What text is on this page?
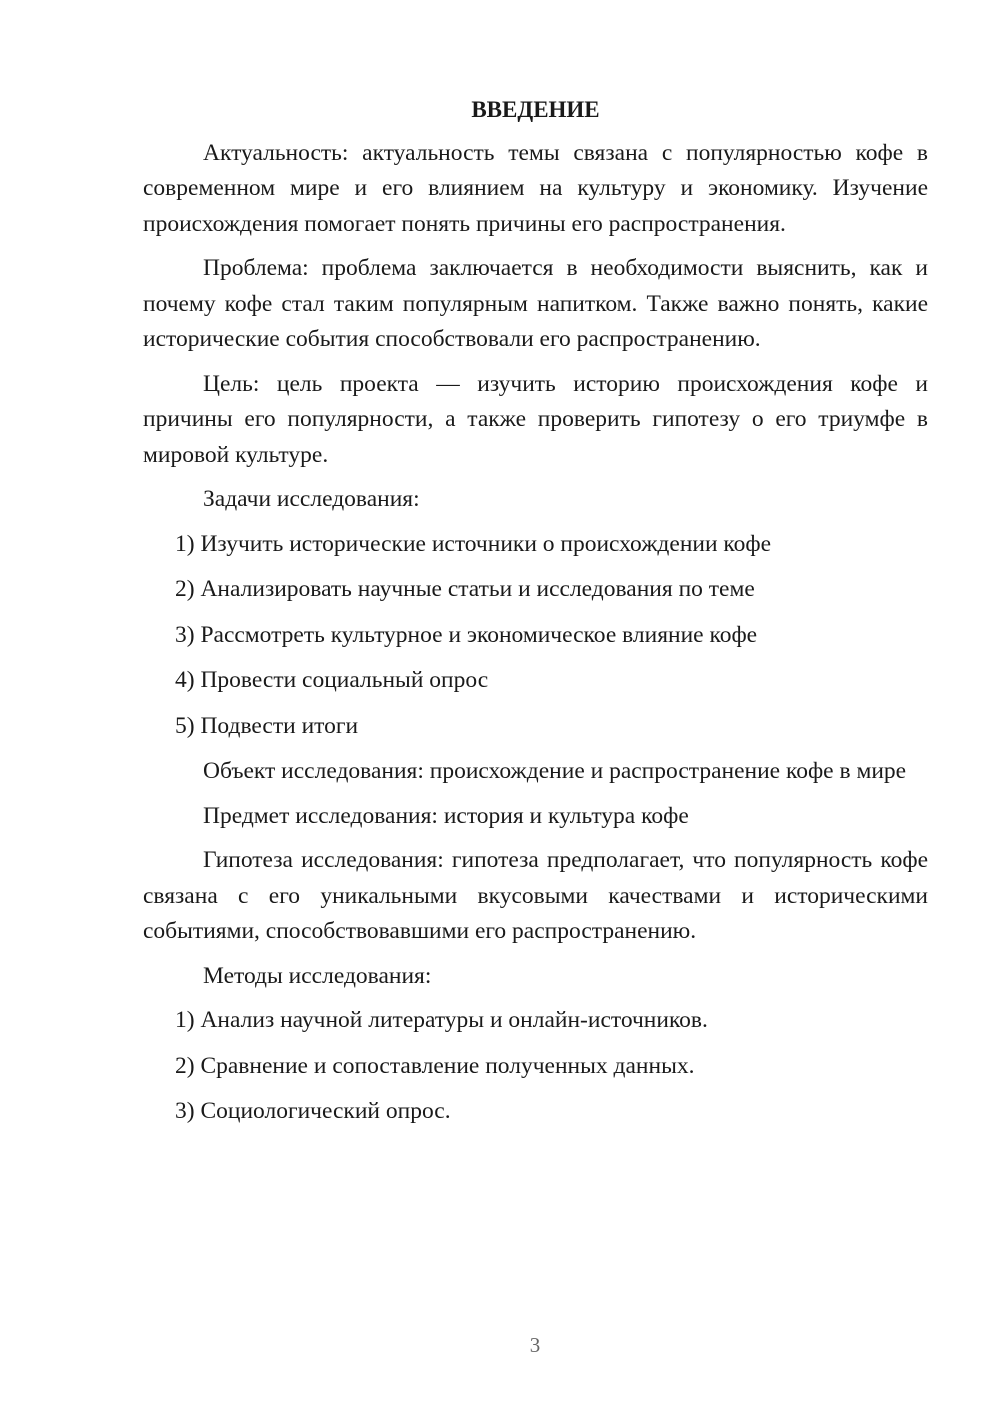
ВВЕДЕНИЕ

Актуальность: актуальность темы связана с популярностью кофе в современном мире и его влиянием на культуру и экономику. Изучение происхождения помогает понять причины его распространения.

Проблема: проблема заключается в необходимости выяснить, как и почему кофе стал таким популярным напитком. Также важно понять, какие исторические события способствовали его распространению.

Цель: цель проекта — изучить историю происхождения кофе и причины его популярности, а также проверить гипотезу о его триумфе в мировой культуре.

Задачи исследования:

1) Изучить исторические источники о происхождении кофе
2) Анализировать научные статьи и исследования по теме
3) Рассмотреть культурное и экономическое влияние кофе
4) Провести социальный опрос
5) Подвести итоги

Объект исследования: происхождение и распространение кофе в мире

Предмет исследования: история и культура кофе

Гипотеза исследования: гипотеза предполагает, что популярность кофе связана с его уникальными вкусовыми качествами и историческими событиями, способствовавшими его распространению.

Методы исследования:

1) Анализ научной литературы и онлайн-источников.
2) Сравнение и сопоставление полученных данных.
3) Социологический опрос.
3
